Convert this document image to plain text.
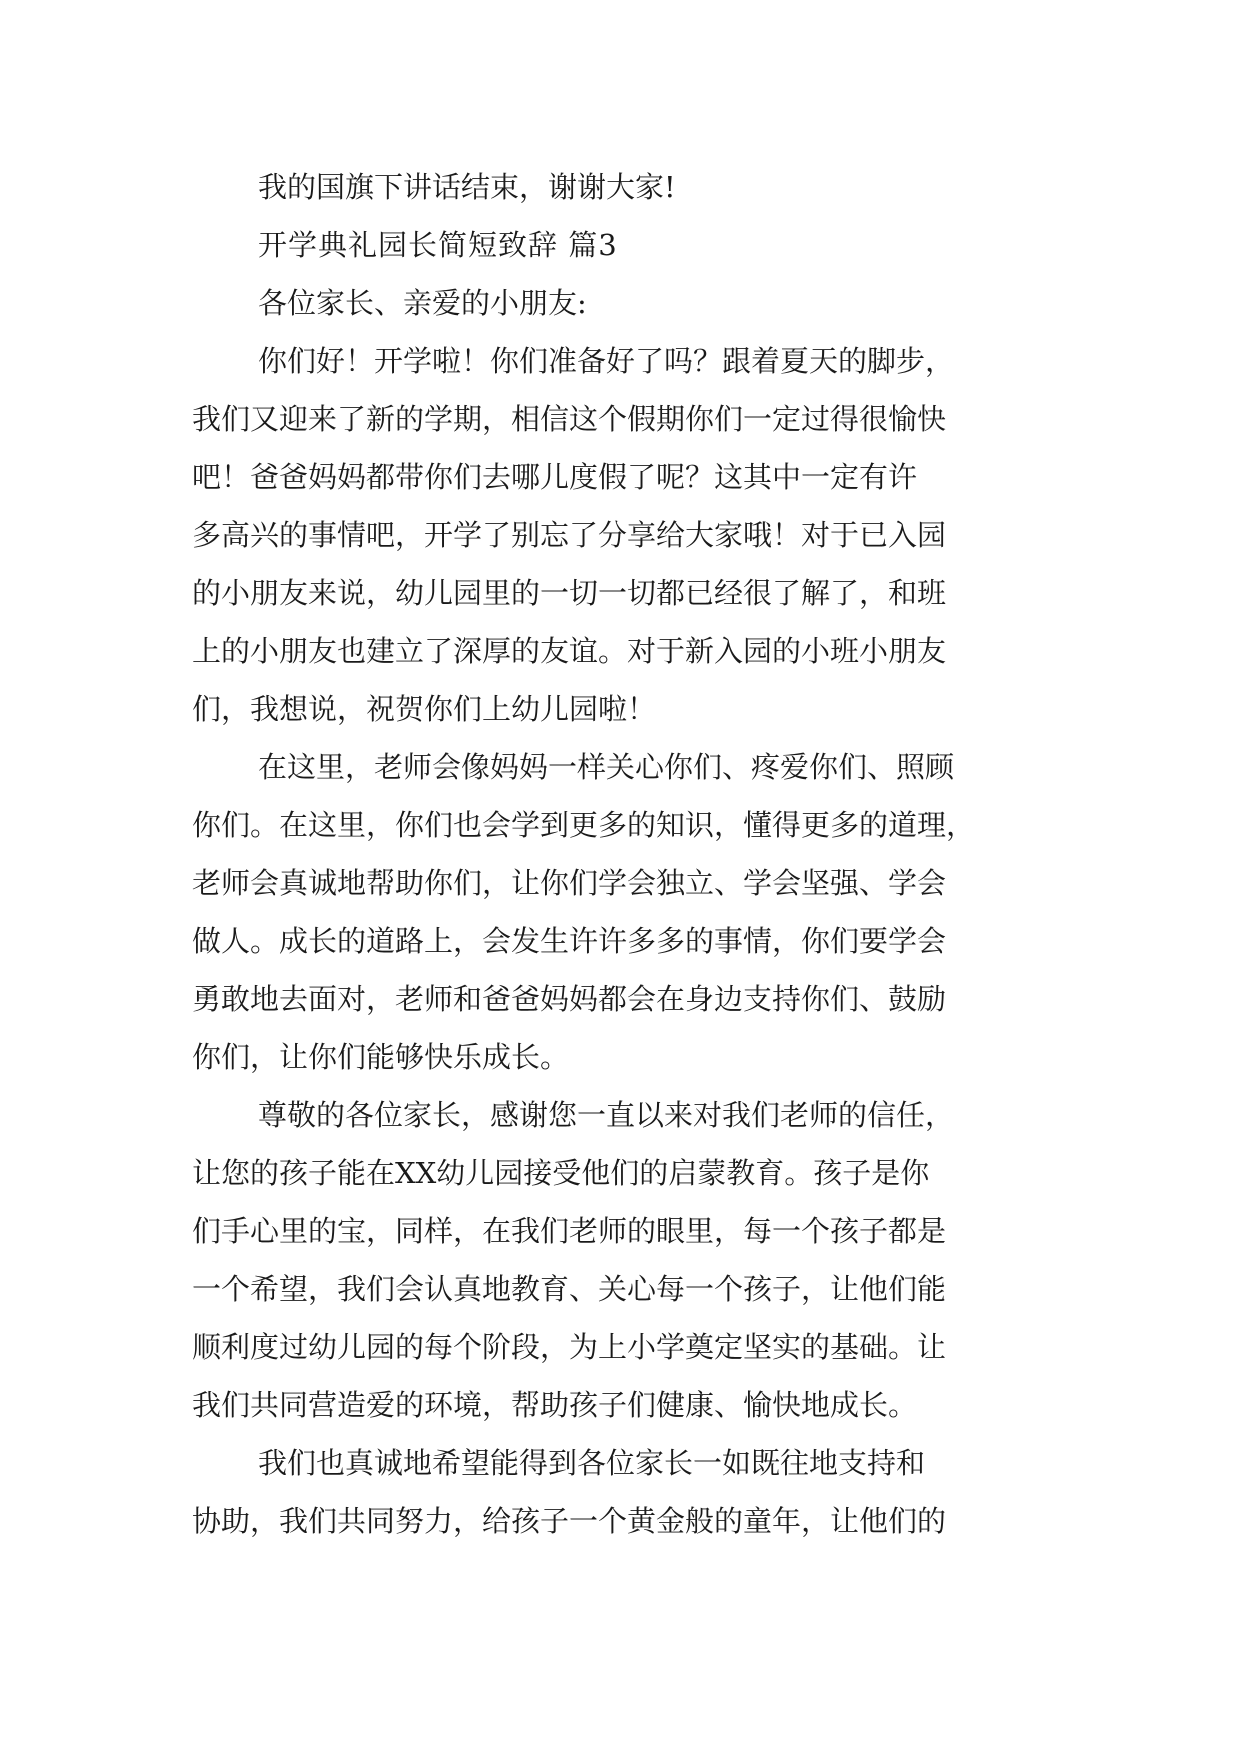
我的国旗下讲话结束，谢谢大家!
开学典礼园长简短致辞 篇3
各位家长、亲爱的小朋友:
你们好！开学啦！你们准备好了吗？跟着夏天的脚步，
我们又迎来了新的学期，相信这个假期你们一定过得很愉快
吧！爸爸妈妈都带你们去哪儿度假了呢？这其中一定有许
多高兴的事情吧，开学了别忘了分享给大家哦！对于已入园
的小朋友来说，幼儿园里的一切一切都已经很了解了，和班
上的小朋友也建立了深厚的友谊。对于新入园的小班小朋友
们，我想说，祝贺你们上幼儿园啦！
在这里，老师会像妈妈一样关心你们、疼爱你们、照顾
你们。在这里，你们也会学到更多的知识，懂得更多的道理，
老师会真诚地帮助你们，让你们学会独立、学会坚强、学会
做人。成长的道路上，会发生许许多多的事情，你们要学会
勇敢地去面对，老师和爸爸妈妈都会在身边支持你们、鼓励
你们，让你们能够快乐成长。
尊敬的各位家长，感谢您一直以来对我们老师的信任，
让您的孩子能在XX幼儿园接受他们的启蒙教育。孩子是你
们手心里的宝，同样，在我们老师的眼里，每一个孩子都是
一个希望，我们会认真地教育、关心每一个孩子，让他们能
顺利度过幼儿园的每个阶段，为上小学奠定坚实的基础。让
我们共同营造爱的环境，帮助孩子们健康、愉快地成长。
我们也真诚地希望能得到各位家长一如既往地支持和
协助，我们共同努力，给孩子一个黄金般的童年，让他们的
